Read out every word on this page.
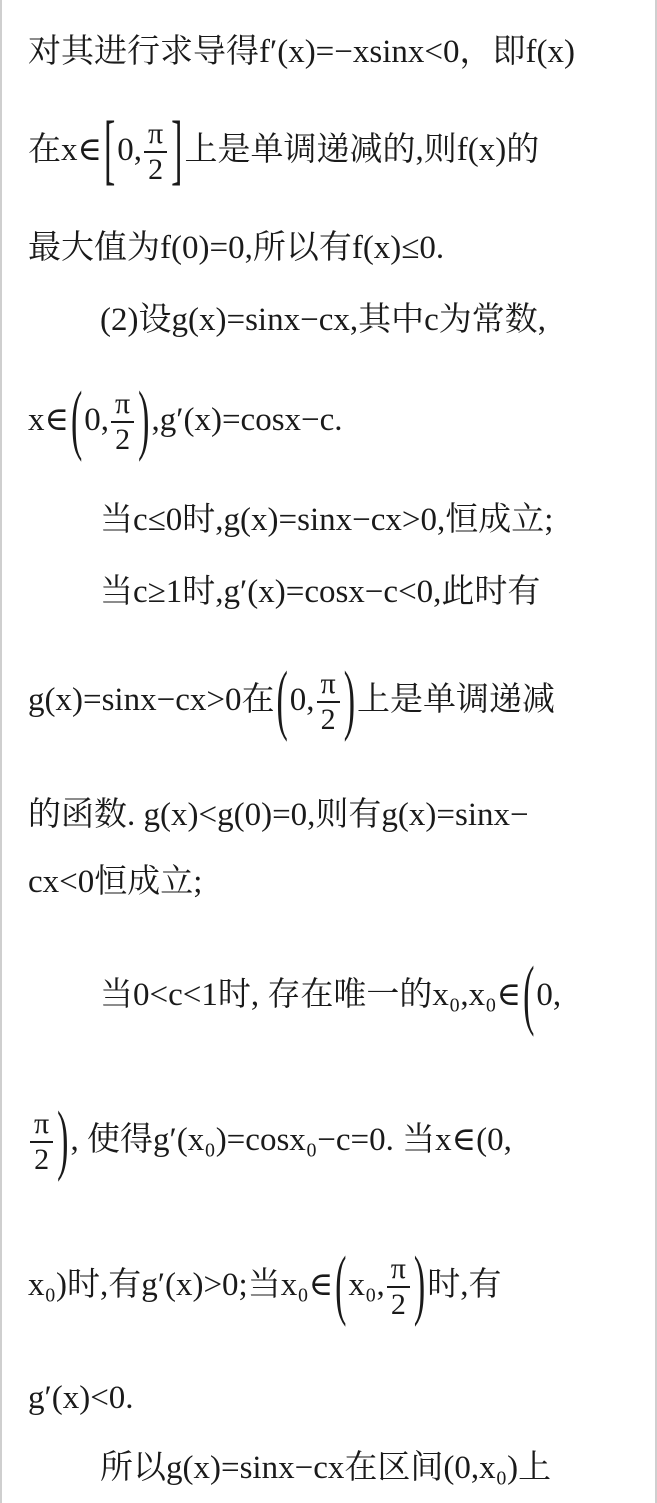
对其进行求导得f′(x)=−xsinx<0，即f(x)
在x∈[0, $\frac{\pi}{2}$ ]上是单调递减的,则f(x)的
最大值为f(0)=0,所以有f(x)≤0.
(2)设g(x)=sinx−cx,其中c为常数,
x∈(0, $\frac{\pi}{2} ),g'(x)=\cos x-c$.
当c≤0时,g(x)=sinx−cx>0,恒成立;
当c≥1时,g′(x)=cosx−c<0,此时有
g(x)=sinx−cx>0在(0, $\frac{\pi}{2}$ )上是单调递减
的函数. g(x)<g(0)=0,则有g(x)=sinx−
cx<0恒成立;
当0<c<1时, 存在唯一的x₀,x₀∈(0,
$\frac{\pi}{2}$ ), 使得g′(x₀)=cosx₀−c=0. 当x∈(0,
x₀)时,有g′(x)>0;当x₀∈(x₀, $\frac{\pi}{2}$ )时,有
g′(x)<0.
所以g(x)=sinx−cx在区间(0,x₀)上
